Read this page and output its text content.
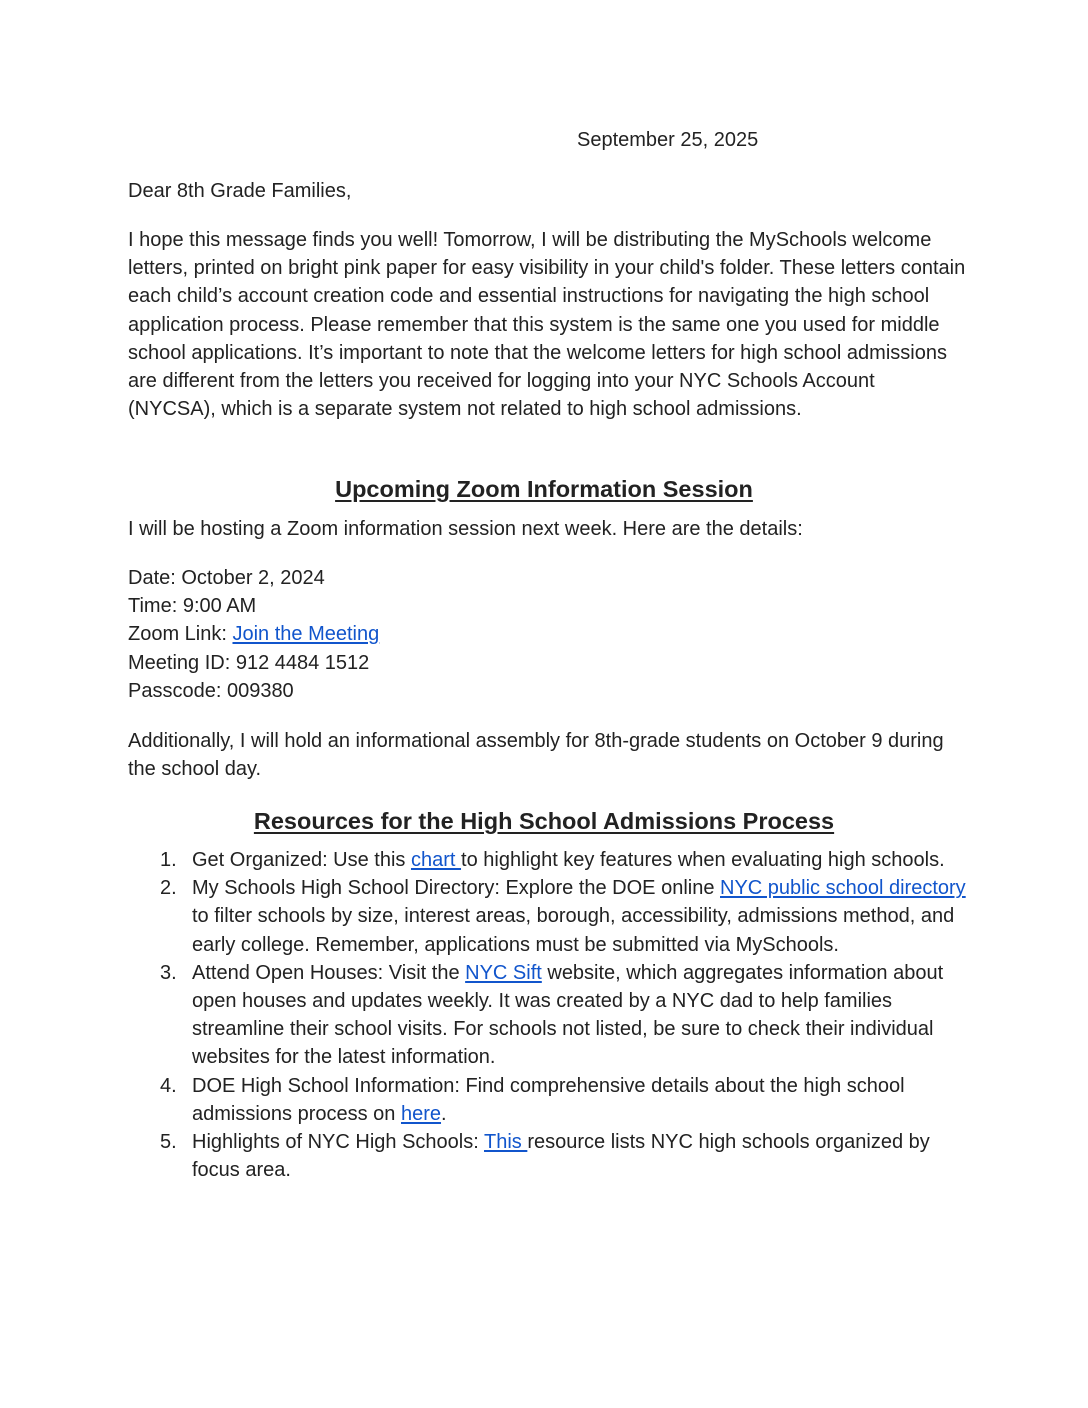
September 25, 2025

Dear 8th Grade Families,

I hope this message finds you well! Tomorrow, I will be distributing the MySchools welcome letters, printed on bright pink paper for easy visibility in your child's folder. These letters contain each child’s account creation code and essential instructions for navigating the high school application process. Please remember that this system is the same one you used for middle school applications. It’s important to note that the welcome letters for high school admissions are different from the letters you received for logging into your NYC Schools Account (NYCSA), which is a separate system not related to high school admissions.

Upcoming Zoom Information Session

I will be hosting a Zoom information session next week. Here are the details:

Date: October 2, 2024
Time: 9:00 AM
Zoom Link: Join the Meeting
Meeting ID: 912 4484 1512
Passcode: 009380

Additionally, I will hold an informational assembly for 8th-grade students on October 9 during the school day.

Resources for the High School Admissions Process
1. Get Organized: Use this chart to highlight key features when evaluating high schools.
2. My Schools High School Directory: Explore the DOE online NYC public school directory to filter schools by size, interest areas, borough, accessibility, admissions method, and early college. Remember, applications must be submitted via MySchools.
3. Attend Open Houses: Visit the NYC Sift website, which aggregates information about open houses and updates weekly. It was created by a NYC dad to help families streamline their school visits. For schools not listed, be sure to check their individual websites for the latest information.
4. DOE High School Information: Find comprehensive details about the high school admissions process on here.
5. Highlights of NYC High Schools: This resource lists NYC high schools organized by focus area.
